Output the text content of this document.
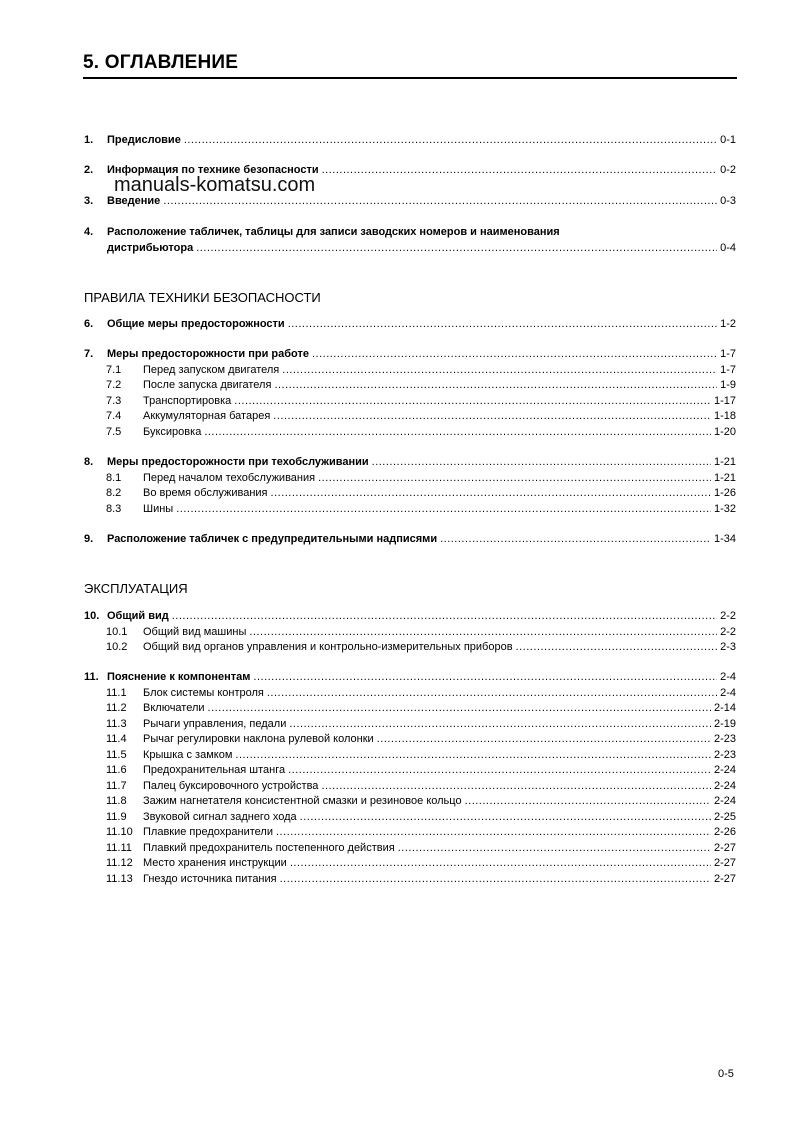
5. ОГЛАВЛЕНИЕ
manuals-komatsu.com
ПРАВИЛА ТЕХНИКИ БЕЗОПАСНОСТИ
ЭКСПЛУАТАЦИЯ
1.	Предисловие .....	0-1
2.	Информация по технике безопасности .....	0-2
3.	Введение .....	0-3
4.	Расположение табличек, таблицы для записи заводских номеров и наименования
дистрибьютора .....	0-4
6.	Общие меры предосторожности .....	1-2
7.	Меры предосторожности при работе .....	1-7
7.1	Перед запуском двигателя .....	1-7
7.2	После запуска двигателя .....	1-9
7.3	Транспортировка .....	1-17
7.4	Аккумуляторная батарея .....	1-18
7.5	Буксировка .....	1-20
8.	Меры предосторожности при техобслуживании .....	1-21
8.1	Перед началом техобслуживания .....	1-21
8.2	Во время обслуживания .....	1-26
8.3	Шины .....	1-32
9.	Расположение табличек с предупредительными надписями .....	1-34
10. Общий вид .....	2-2
10.1	Общий вид машины .....	2-2
10.2	Общий вид органов управления и контрольно-измерительных приборов .....	2-3
11. Пояснение к компонентам .....	2-4
11.1	Блок системы контроля .....	2-4
11.2	Включатели .....	2-14
11.3	Рычаги управления, педали .....	2-19
11.4	Рычаг регулировки наклона рулевой колонки .....	2-23
11.5	Крышка с замком .....	2-23
11.6	Предохранительная штанга .....	2-24
11.7	Палец буксировочного устройства .....	2-24
11.8	Зажим нагнетателя консистентной смазки и резиновое кольцо .....	2-24
11.9	Звуковой сигнал заднего хода .....	2-25
11.10 Плавкие предохранители .....	2-26
11.11	Плавкий предохранитель постепенного действия .....	2-27
11.12 Место хранения инструкции .....	2-27
11.13 Гнездо источника питания .....	2-27
0-5
